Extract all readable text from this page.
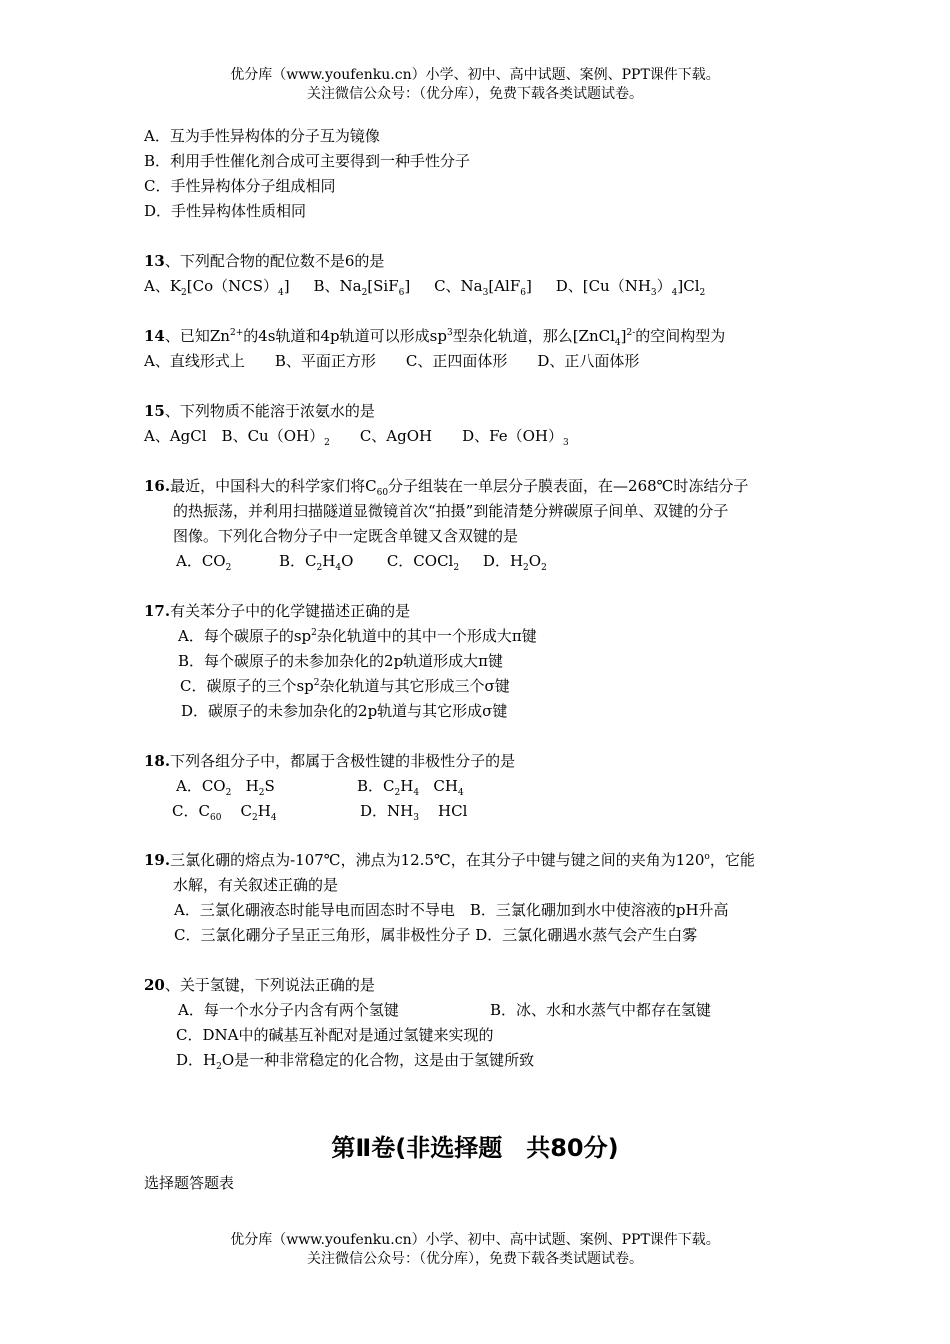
优分库（www.youfenku.cn）小学、初中、高中试题、案例、PPT课件下载。
关注微信公众号：（优分库），免费下载各类试题试卷。
A．互为手性异构体的分子互为镜像
B．利用手性催化剂合成可主要得到一种手性分子
C．手性异构体分子组成相同
D．手性异构体性质相同
13、下列配合物的配位数不是6的是
A、$K_2[Co(NCS)_4]$ B、$Na_2[SiF_6]$ C、$Na_3[AlF_6]$ D、$[Cu(NH_3)_4]Cl_2$
14、已知$Zn^{2+}$的4s轨道和4p轨道可以形成$sp^3$型杂化轨道，那么[ZnCl$_4$]$^{2-}$的空间构型为
A、直线形式上　　B、平面正方形　　C、正四面体形　　D、正八面体形
15、下列物质不能溶于浓氨水的是
A、AgCl　B、$Cu(OH)_2$　　C、AgOH　　D、$Fe(OH)_3$
16.最近，中国科大的科学家们将$C_{60}$分子组装在一单层分子膜表面，在—268℃时冻结分子
的热振荡，并利用扫描隧道显微镜首次“拍摄”到能清楚分辨碳原子间单、双键的分子
图像。下列化合物分子中一定既含单键又含双键的是
A．$CO_2$	B．$C_2H_4O$ C．COCl$_2$ D．$H_2O_2$
17.有关苯分子中的化学键描述正确的是
A．每个碳原子的$sp^2$杂化轨道中的其中一个形成大π键
B．每个碳原子的未参加杂化的2p轨道形成大π键
C．碳原子的三个$sp^2$杂化轨道与其它形成三个σ键
D．碳原子的未参加杂化的2p轨道与其它形成σ键
18.下列各组分子中，都属于含极性键的非极性分子的是
A．$CO_2$ $H_2S$	B．$C_2H_4$ $CH_4$
C．$C_{60}$ $C_2H_4$	D．$NH_3$ HCl
19.三氯化硼的熔点为-107℃，沸点为12.5℃，在其分子中键与键之间的夹角为120$^o$，它能
水解，有关叙述正确的是
A．三氯化硼液态时能导电而固态时不导电　B．三氯化硼加到水中使溶液的pH升高
C．三氯化硼分子呈正三角形，属非极性分子 D．三氯化硼遇水蒸气会产生白雾
20、关于氢键，下列说法正确的是
A．每一个水分子内含有两个氢键	B．冰、水和水蒸气中都存在氢键
C．DNA中的碱基互补配对是通过氢键来实现的
D．$H_2O$是一种非常稳定的化合物，这是由于氢键所致
第Ⅱ卷(非选择题　共80分)
选择题答题表
优分库（www.youfenku.cn）小学、初中、高中试题、案例、PPT课件下载。
关注微信公众号：（优分库），免费下载各类试题试卷。
